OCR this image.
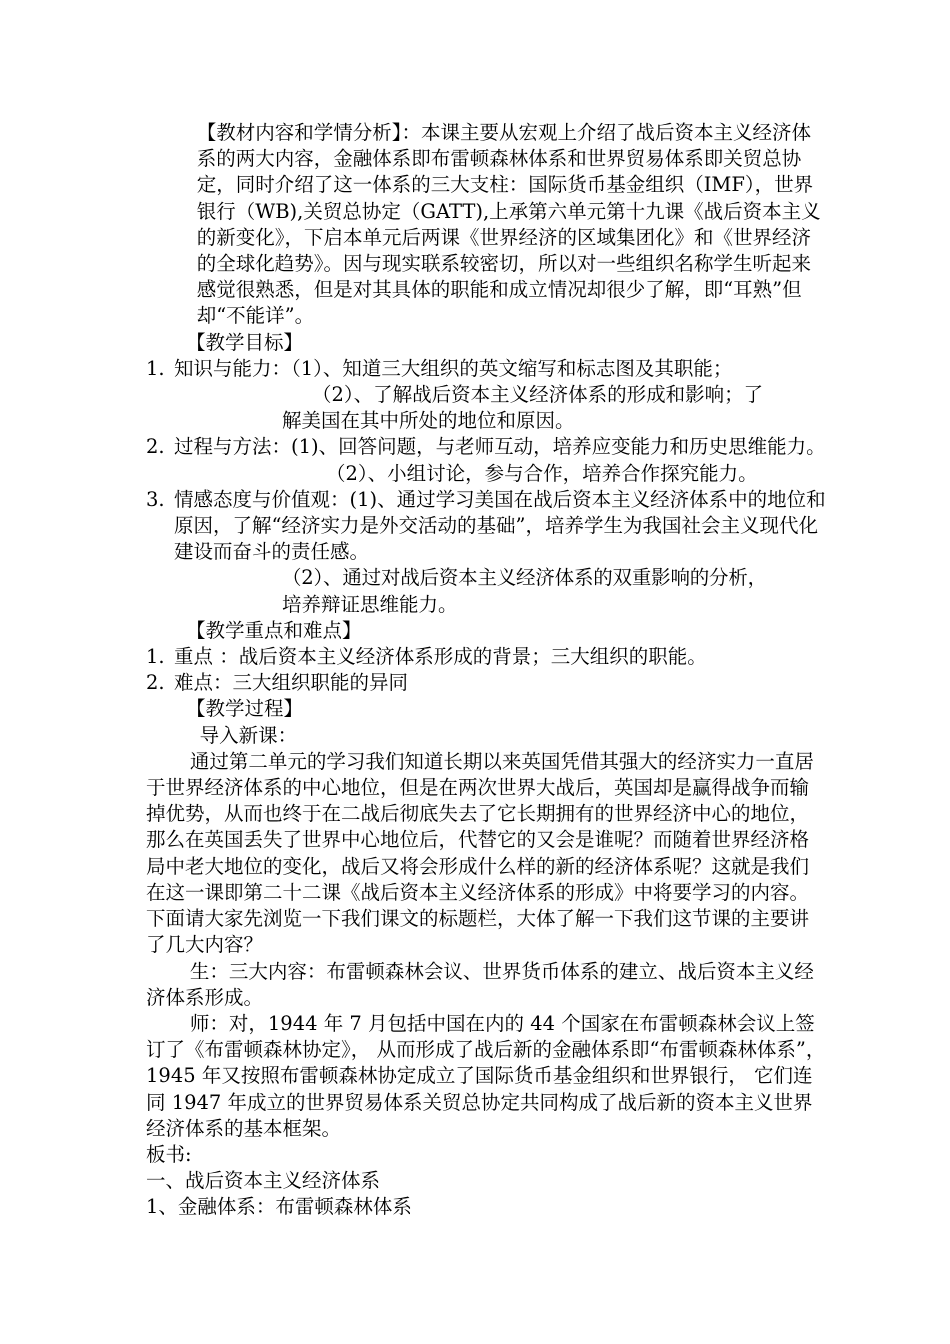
【教材内容和学情分析】：本课主要从宏观上介绍了战后资本主义经济体系的两大内容，金融体系即布雷顿森林体系和世界贸易体系即关贸总协定，同时介绍了这一体系的三大支柱：国际货币基金组织（IMF），世界银行（WB),关贸总协定（GATT),上承第六单元第十九课《战后资本主义的新变化》，下启本单元后两课《世界经济的区域集团化》和《世界经济的全球化趋势》。因与现实联系较密切，所以对一些组织名称学生听起来感觉很熟悉，但是对其具体的职能和成立情况却很少了解，即“耳熟”但却“不能详”。

【教学目标】

1. 知识与能力：（1）、知道三大组织的英文缩写和标志图及其职能；

（2）、了解战后资本主义经济体系的形成和影响；了

解美国在其中所处的地位和原因。

2. 过程与方法：(1)、回答问题，与老师互动，培养应变能力和历史思维能力。

（2）、小组讨论，参与合作，培养合作探究能力。

3. 情感态度与价值观：(1)、通过学习美国在战后资本主义经济体系中的地位和原因，了解“经济实力是外交活动的基础”，培养学生为我国社会主义现代化建设而奋斗的责任感。

（2）、通过对战后资本主义经济体系的双重影响的分析，

培养辩证思维能力。

【教学重点和难点】

1. 重点 ：战后资本主义经济体系形成的背景；三大组织的职能。

2. 难点：三大组织职能的异同

【教学过程】

导入新课：

通过第二单元的学习我们知道长期以来英国凭借其强大的经济实力一直居于世界经济体系的中心地位，但是在两次世界大战后，英国却是赢得战争而输掉优势，从而也终于在二战后彻底失去了它长期拥有的世界经济中心的地位，那么在英国丢失了世界中心地位后，代替它的又会是谁呢？而随着世界经济格局中老大地位的变化，战后又将会形成什么样的新的经济体系呢？这就是我们在这一课即第二十二课《战后资本主义经济体系的形成》中将要学习的内容。下面请大家先浏览一下我们课文的标题栏，大体了解一下我们这节课的主要讲了几大内容？

生：三大内容：布雷顿森林会议、世界货币体系的建立、战后资本主义经济体系形成。

师：对，1944 年 7 月包括中国在内的 44 个国家在布雷顿森林会议上签订了《布雷顿森林协定》， 从而形成了战后新的金融体系即“布雷顿森林体系”，1945 年又按照布雷顿森林协定成立了国际货币基金组织和世界银行， 它们连同 1947 年成立的世界贸易体系关贸总协定共同构成了战后新的资本主义世界经济体系的基本框架。

板书:

一、战后资本主义经济体系

1、金融体系：布雷顿森林体系
